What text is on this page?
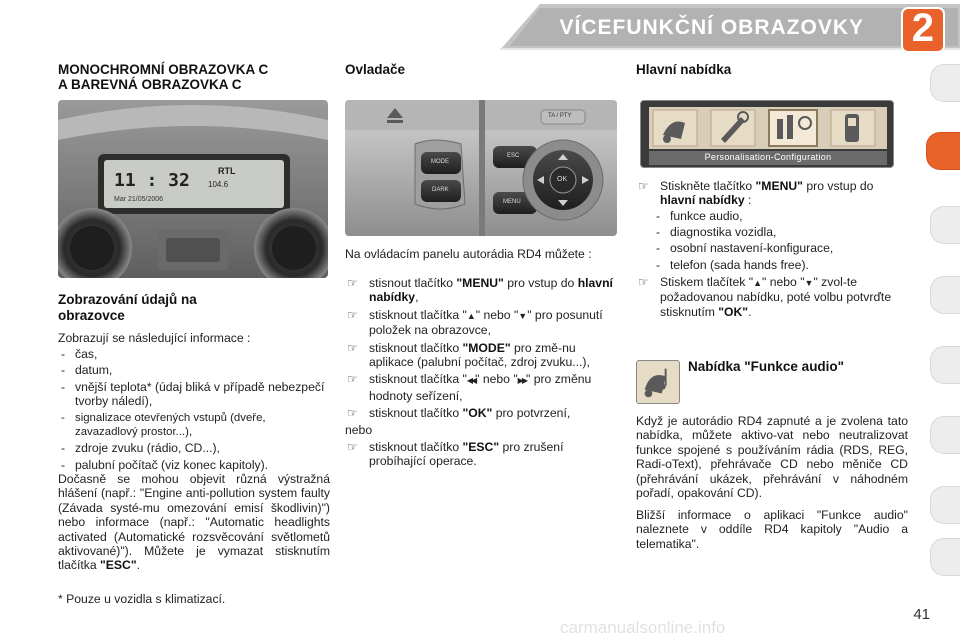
VÍCEFUNKČNÍ OBRAZOVKY 2
MONOCHROMNÍ OBRAZOVKA C
A BAREVNÁ OBRAZOVKA C
11 : 32	RTL
104.6
Mar 21/05/2006
Zobrazování údajů na
obrazovce
Zobrazují se následující informace :
- čas,
- datum,
- vnější teplota* (údaj bliká v případě nebezpečí tvorby náledí),
- signalizace otevřených vstupů (dveře, zavazadlový prostor...),
- zdroje zvuku (rádio, CD...),
- palubní počítač (viz konec kapitoly).
Dočasně se mohou objevit různá výstražná hlášení (např.: "Engine anti-pollution system faulty (Závada systé-mu omezování emisí škodlivin)") nebo informace (např.: "Automatic headlights activated (Automatické rozsvěcování světlometů aktivované)"). Můžete je vymazat stisknutím tlačítka "ESC".
* Pouze u vozidla s klimatizací.
Ovladače
MODE
DARK
ESC
MENU
OK
TA / PTY
Na ovládacím panelu autorádia RD4 můžete :
☞ stisnout tlačítko "MENU" pro vstup do hlavní nabídky,
☞ stisknout tlačítka "▲" nebo "▼" pro posunutí položek na obrazovce,
☞ stisknout tlačítko "MODE" pro změ-nu aplikace (palubní počítač, zdroj zvuku...),
☞ stisknout tlačítka "◀◀" nebo "▶▶" pro změnu hodnoty seřízení,
☞ stisknout tlačítko "OK" pro potvrzení,
nebo
☞ stisknout tlačítko "ESC" pro zrušení probíhající operace.
Hlavní nabídka
Personalisation-Configuration
☞ Stiskněte tlačítko "MENU" pro vstup do hlavní nabídky :
- funkce audio,
- diagnostika vozidla,
- osobní nastavení-konfigurace,
- telefon (sada hands free).
☞ Stiskem tlačítek "▲" nebo "▼" zvol-te požadovanou nabídku, poté volbu potvrďte stisknutím "OK".
Nabídka "Funkce audio"
Když je autorádio RD4 zapnuté a je zvolena tato nabídka, můžete aktivo-vat nebo neutralizovat funkce spojené s používáním rádia (RDS, REG, Radi-oText), přehrávače CD nebo měniče CD (přehrávání ukázek, přehrávání v náhodném pořadí, opakování CD).
Bližší informace o aplikaci "Funkce audio" naleznete v oddíle RD4 kapitoly "Audio a telematika".
41
carmanualsonline.info
